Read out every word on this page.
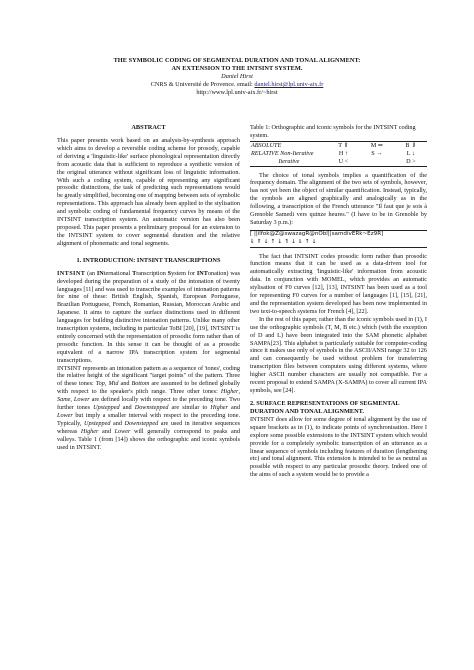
THE SYMBOLIC CODING OF SEGMENTAL DURATION AND TONAL ALIGNMENT:
AN EXTENSION TO THE INTSINT SYSTEM.
Daniel Hirst
CNRS & Université de Provence. email: daniel.hirst@lpl.univ-aix.fr
http://www.lpl.univ-aix.fr/~hirst
ABSTRACT

This paper presents work based on an analysis-by-synthesis approach which aims to develop a reversible coding scheme for prosody, capable of deriving a 'linguistic-like' surface phonological representation directly from acoustic data that is sufficient to reproduce a synthetic version of the original utterance without significant loss of linguistic information. With such a coding system, capable of representing any significant prosodic distinctions, the task of predicting such representations would be greatly simplified, becoming one of mapping between sets of symbolic representations. This approach has already been applied to the stylisation and symbolic coding of fundamental frequency curves by means of the INTSINT transcription system. An automatic version has also been proposed. This paper presents a preliminary proposal for an extension to the INTSINT system to cover segmental duration and the relative alignment of phonematic and tonal segments.

1. INTRODUCTION: INTSINT TRANSCRIPTIONS

INTSINT (an INternational Transcription System for INTonation) was developed during the preparation of a study of the intonation of twenty languages [11] and was used to transcribe examples of intonation patterns for nine of these: British English, Spanish, European Portuguese, Brazilian Portuguese, French, Romanian, Russian, Moroccan Arabic and Japanese. It aims to capture the surface distinctions used in different languages for building distinctive intonation patterns. Unlike many other transcription systems, including in particular ToBI [20], [19], INTSINT is entirely concerned with the representation of prosodic form rather than of prosodic function. In this sense it can be thought of as a prosodic equivalent of a narrow IPA transcription system for segmental transcriptions.

INTSINT represents an intonation pattern as a sequence of 'tones', coding the relative height of the significant "target points" of the pattern. Three of these tones: Top, Mid and Bottom are assumed to be defined globally with respect to the speaker's pitch range. Three other tones: Higher, Same, Lower are defined locally with respect to the preceding tone. Two further tones Upstepped and Downstepped are similar to Higher and Lower but imply a smaller interval with respect to the preceding tone. Typically, Upstepped and Downstepped are used in iterative sequences whereas Higher and Lower will generally correspond to peaks and valleys. Table 1 (from [14]) shows the orthographic and iconic symbols used in INTSINT.

Table 1: Orthographic and iconic symbols for the INTSINT coding system.

ABSOLUTE	T ⇑	M ⇒	B ⇓
RELATIVE Non-Iterative	H ↑	S →	L ↓
Iterative	U <		D >

The choice of tonal symbols implies a quantification of the frequency domain. The alignment of the two sets of symbols, however, has not yet been the object of similar quantification. Instead, typically, the symbols are aligned graphically and analogically as in the following, a transcription of the French utterance "Il faut que je sois à Grenoble Samedi vers quinze heures." (I have to be in Grenoble by Saturday 3 p.m.):

[ ||ilfok@Z@swazagR@nObl||samdivERk~Ez9R]
⇓ ⇑ ↓ ↑ ↓ ⇑ ↓ ⇓ ↑ ↓

The fact that INTSINT codes prosodic form rather than prosodic function means that it can be used as a data-driven tool for automatically extracting 'linguistic-like' information from acoustic data. In conjunction with MOMEL, which provides an automatic stylisation of F0 curves [12], [13], INTSINT has been used as a tool for representing F0 curves for a number of languages [1], [15], [21], and the representation system developed has been now implemented in two text-to-speech systems for French [4], [22].

In the rest of this paper, rather than the iconic symbols used in (1), I use the orthographic symbols (T, M, B etc.) which (with the exception of D and L) have been integrated into the SAM phonetic alphabet SAMPA[23]. This alphabet is particularly suitable for computer-coding since it makes use only of symbols in the ASCII/ANSI range 32 to 126 and can consequently be used without problem for transferring transcription files between computers using different systems, where higher ASCII number characters are usually not compatible. For a recent proposal to extend SAMPA (X-SAMPA) to cover all current IPA symbols, see [24].

2. SURFACE REPRESENTATIONS OF SEGMENTAL
DURATION AND TONAL ALIGNMENT.

INTSINT does allow for some degree of tonal alignment by the use of square brackets as in (1), to indicate points of synchronisation. Here I explore some possible extensions to the INTSINT system which would provide for a completely symbolic transcription of an utterance as a linear sequence of symbols including features of duration (lengthening etc) and tonal alignment. This extension is intended to be as neutral as possible with respect to any particular prosodic theory. Indeed one of the aims of such a system would be to provide a
